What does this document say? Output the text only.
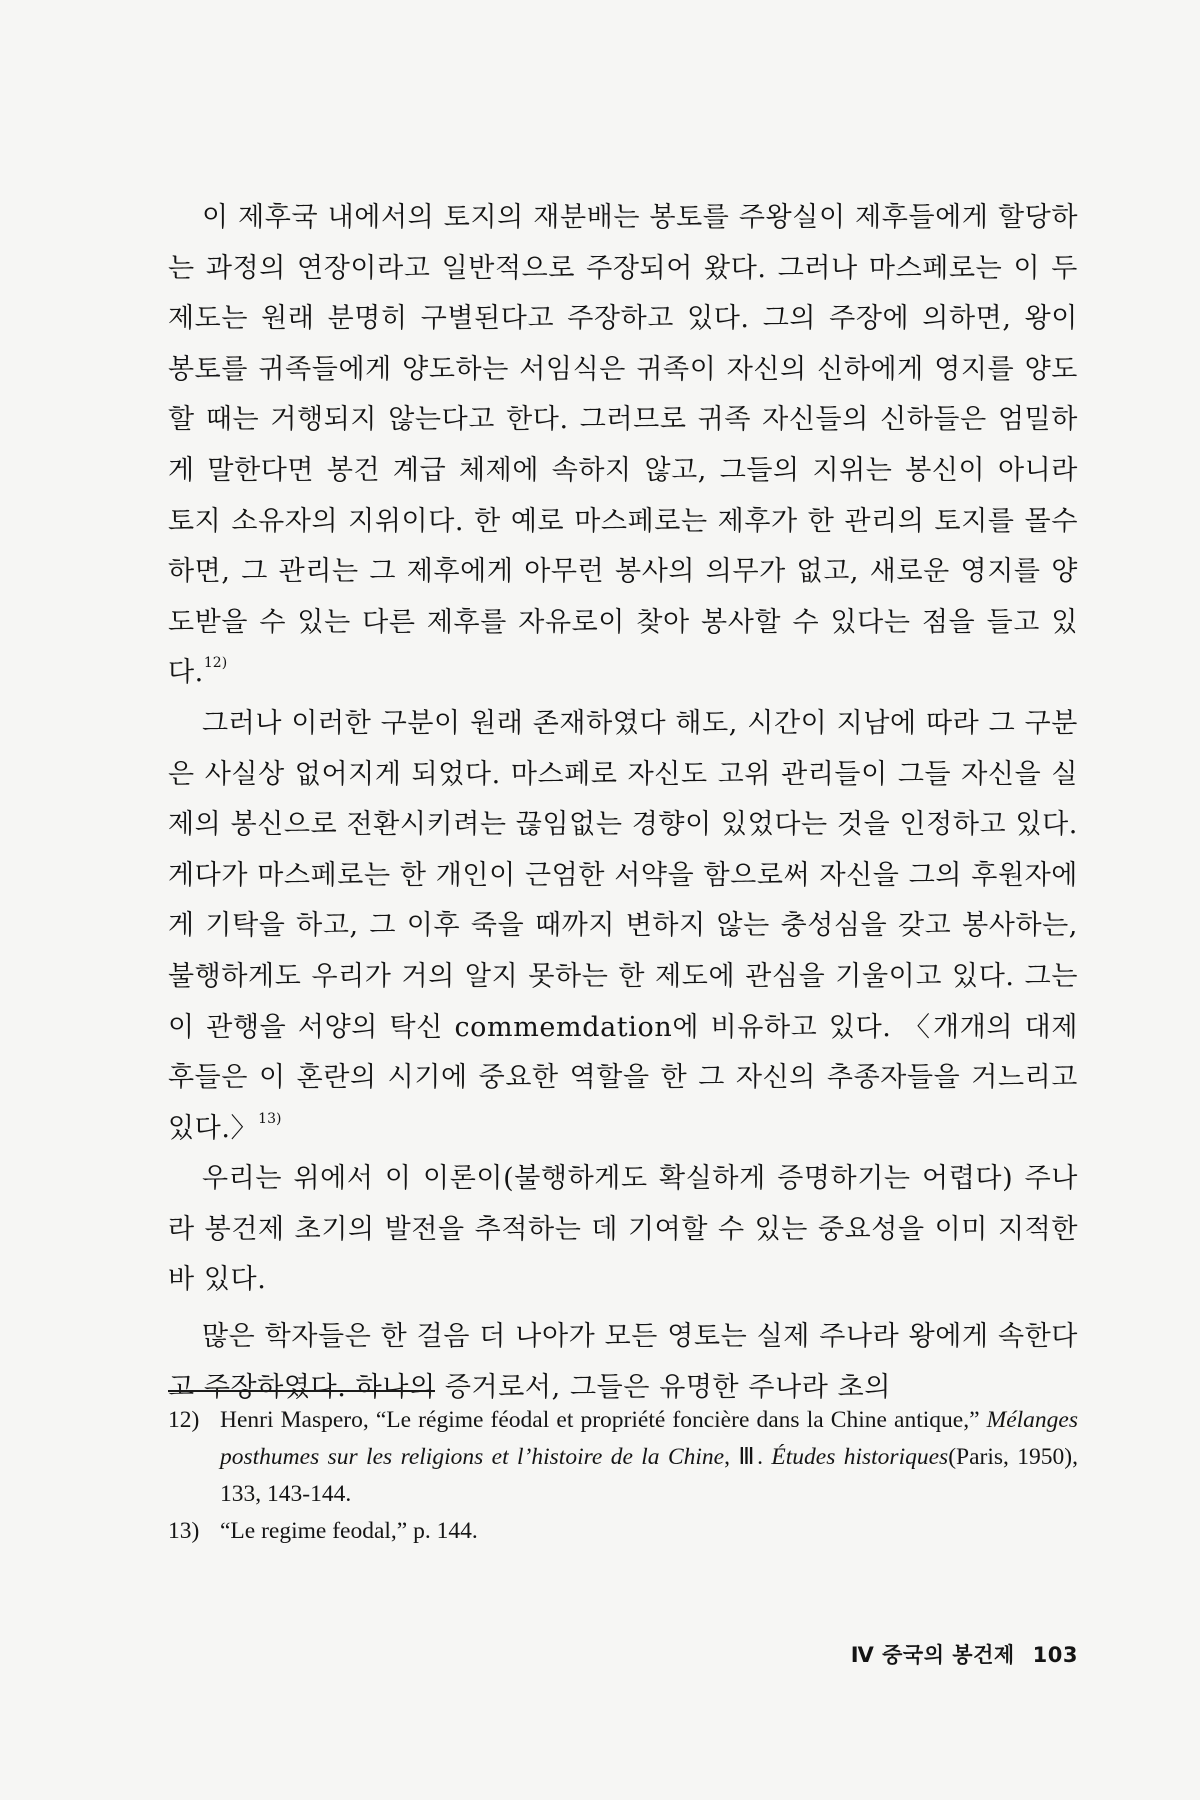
이 제후국 내에서의 토지의 재분배는 봉토를 주왕실이 제후들에게 할당하는 과정의 연장이라고 일반적으로 주장되어 왔다. 그러나 마스페로는 이 두 제도는 원래 분명히 구별된다고 주장하고 있다. 그의 주장에 의하면, 왕이 봉토를 귀족들에게 양도하는 서임식은 귀족이 자신의 신하에게 영지를 양도할 때는 거행되지 않는다고 한다. 그러므로 귀족 자신들의 신하들은 엄밀하게 말한다면 봉건 계급 체제에 속하지 않고, 그들의 지위는 봉신이 아니라 토지 소유자의 지위이다. 한 예로 마스페로는 제후가 한 관리의 토지를 몰수하면, 그 관리는 그 제후에게 아무런 봉사의 의무가 없고, 새로운 영지를 양도받을 수 있는 다른 제후를 자유로이 찾아 봉사할 수 있다는 점을 들고 있다.$^{12)}$

그러나 이러한 구분이 원래 존재하였다 해도, 시간이 지남에 따라 그 구분은 사실상 없어지게 되었다. 마스페로 자신도 고위 관리들이 그들 자신을 실제의 봉신으로 전환시키려는 끊임없는 경향이 있었다는 것을 인정하고 있다. 게다가 마스페로는 한 개인이 근엄한 서약을 함으로써 자신을 그의 후원자에게 기탁을 하고, 그 이후 죽을 때까지 변하지 않는 충성심을 갖고 봉사하는, 불행하게도 우리가 거의 알지 못하는 한 제도에 관심을 기울이고 있다. 그는 이 관행을 서양의 탁신 commemdation에 비유하고 있다. 〈개개의 대제후들은 이 혼란의 시기에 중요한 역할을 한 그 자신의 추종자들을 거느리고 있다.〉$^{13)}$

우리는 위에서 이 이론이(불행하게도 확실하게 증명하기는 어렵다) 주나라 봉건제 초기의 발전을 추적하는 데 기여할 수 있는 중요성을 이미 지적한 바 있다.

많은 학자들은 한 걸음 더 나아가 모든 영토는 실제 주나라 왕에게 속한다고 주장하였다. 하나의 증거로서, 그들은 유명한 주나라 초의

12) Henri Maspero, “Le régime féodal et propriété foncière dans la Chine antique,” Mélanges posthumes sur les religions et l’histoire de la Chine, Ⅲ. Études historiques(Paris, 1950), 133, 143-144.
13) “Le regime feodal,” p. 144.
Ⅳ 중국의 봉건제 103
